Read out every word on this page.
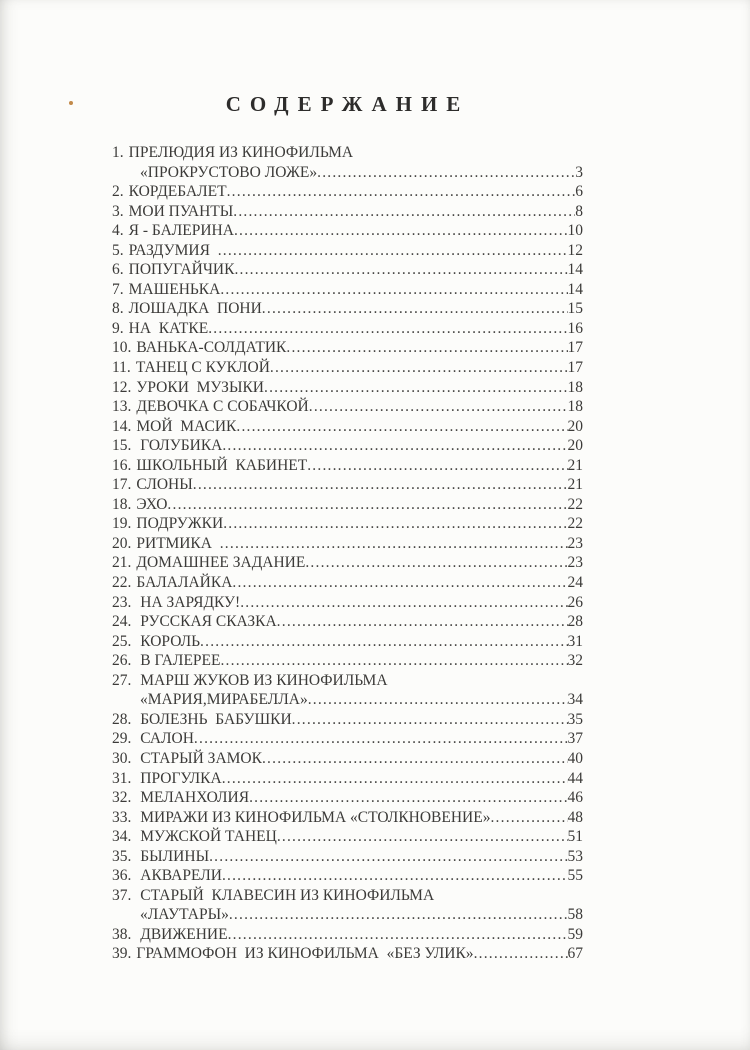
СОДЕРЖАНИЕ
1. ПРЕЛЮДИЯ ИЗ КИНОФИЛЬМА
«ПРОКРУСТОВО ЛОЖЕ» .....	3
2. КОРДЕБАЛЕТ .....	6
3. МОИ ПУАНТЫ .....	8
4. Я - БАЛЕРИНА .....	10
5. РАЗДУМИЯ .....	12
6. ПОПУГАЙЧИК .....	14
7. МАШЕНЬКА .....	14
8. ЛОШАДКА  ПОНИ .....	15
9. НА  КАТКЕ .....	16
10. ВАНЬКА-СОЛДАТИК .....	17
11. ТАНЕЦ С КУКЛОЙ .....	17
12. УРОКИ  МУЗЫКИ .....	18
13. ДЕВОЧКА С СОБАЧКОЙ .....	18
14. МОЙ  МАСИК .....	20
15. ГОЛУБИКА .....	20
16. ШКОЛЬНЫЙ  КАБИНЕТ .....	21
17. СЛОНЫ .....	21
18. ЭХО .....	22
19. ПОДРУЖКИ .....	22
20. РИТМИКА .....	23
21. ДОМАШНЕЕ ЗАДАНИЕ .....	23
22. БАЛАЛАЙКА .....	24
23. НА ЗАРЯДКУ! .....	26
24. РУССКАЯ СКАЗКА .....	28
25. КОРОЛЬ .....	31
26. В ГАЛЕРЕЕ .....	32
27. МАРШ ЖУКОВ ИЗ КИНОФИЛЬМА
«МАРИЯ,МИРАБЕЛЛА» .....	34
28. БОЛЕЗНЬ  БАБУШКИ .....	35
29. САЛОН .....	37
30. СТАРЫЙ ЗАМОК .....	40
31. ПРОГУЛКА .....	44
32. МЕЛАНХОЛИЯ .....	46
33. МИРАЖИ ИЗ КИНОФИЛЬМА «СТОЛКНОВЕНИЕ» .....	48
34. МУЖСКОЙ ТАНЕЦ .....	51
35. БЫЛИНЫ .....	53
36. АКВАРЕЛИ .....	55
37. СТАРЫЙ  КЛАВЕСИН ИЗ КИНОФИЛЬМА
«ЛАУТАРЫ» .....	58
38. ДВИЖЕНИЕ .....	59
39. ГРАММОФОН  ИЗ КИНОФИЛЬМА  «БЕЗ УЛИК» .....	67
